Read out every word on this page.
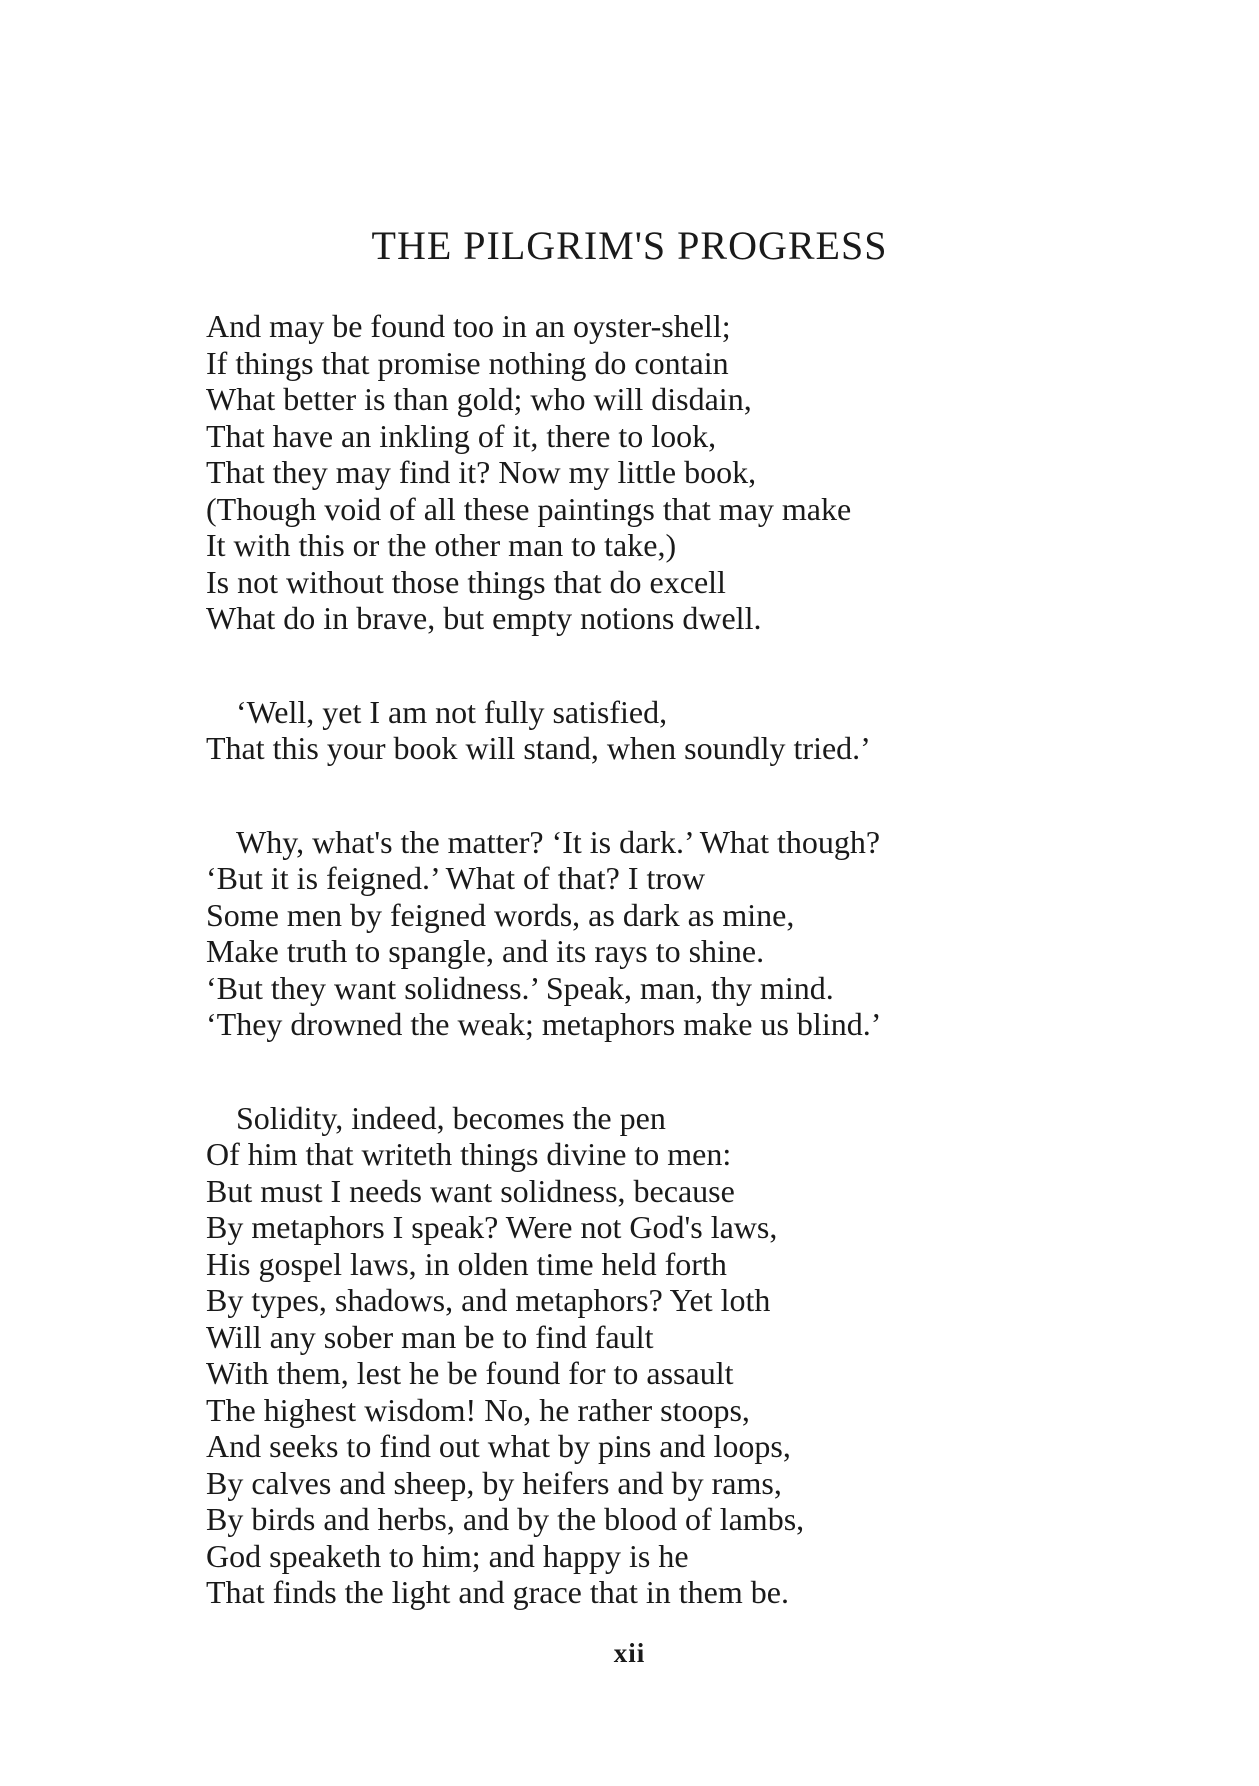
THE PILGRIM'S PROGRESS

And may be found too in an oyster-shell;
If things that promise nothing do contain
What better is than gold; who will disdain,
That have an inkling of it, there to look,
That they may find it? Now my little book,
(Though void of all these paintings that may make
It with this or the other man to take,)
Is not without those things that do excell
What do in brave, but empty notions dwell.

‘Well, yet I am not fully satisfied,
That this your book will stand, when soundly tried.’

Why, what's the matter? ‘It is dark.’ What though?
‘But it is feigned.’ What of that? I trow
Some men by feigned words, as dark as mine,
Make truth to spangle, and its rays to shine.
‘But they want solidness.’ Speak, man, thy mind.
‘They drowned the weak; metaphors make us blind.’

Solidity, indeed, becomes the pen
Of him that writeth things divine to men:
But must I needs want solidness, because
By metaphors I speak? Were not God's laws,
His gospel laws, in olden time held forth
By types, shadows, and metaphors? Yet loth
Will any sober man be to find fault
With them, lest he be found for to assault
The highest wisdom! No, he rather stoops,
And seeks to find out what by pins and loops,
By calves and sheep, by heifers and by rams,
By birds and herbs, and by the blood of lambs,
God speaketh to him; and happy is he
That finds the light and grace that in them be.

xii
